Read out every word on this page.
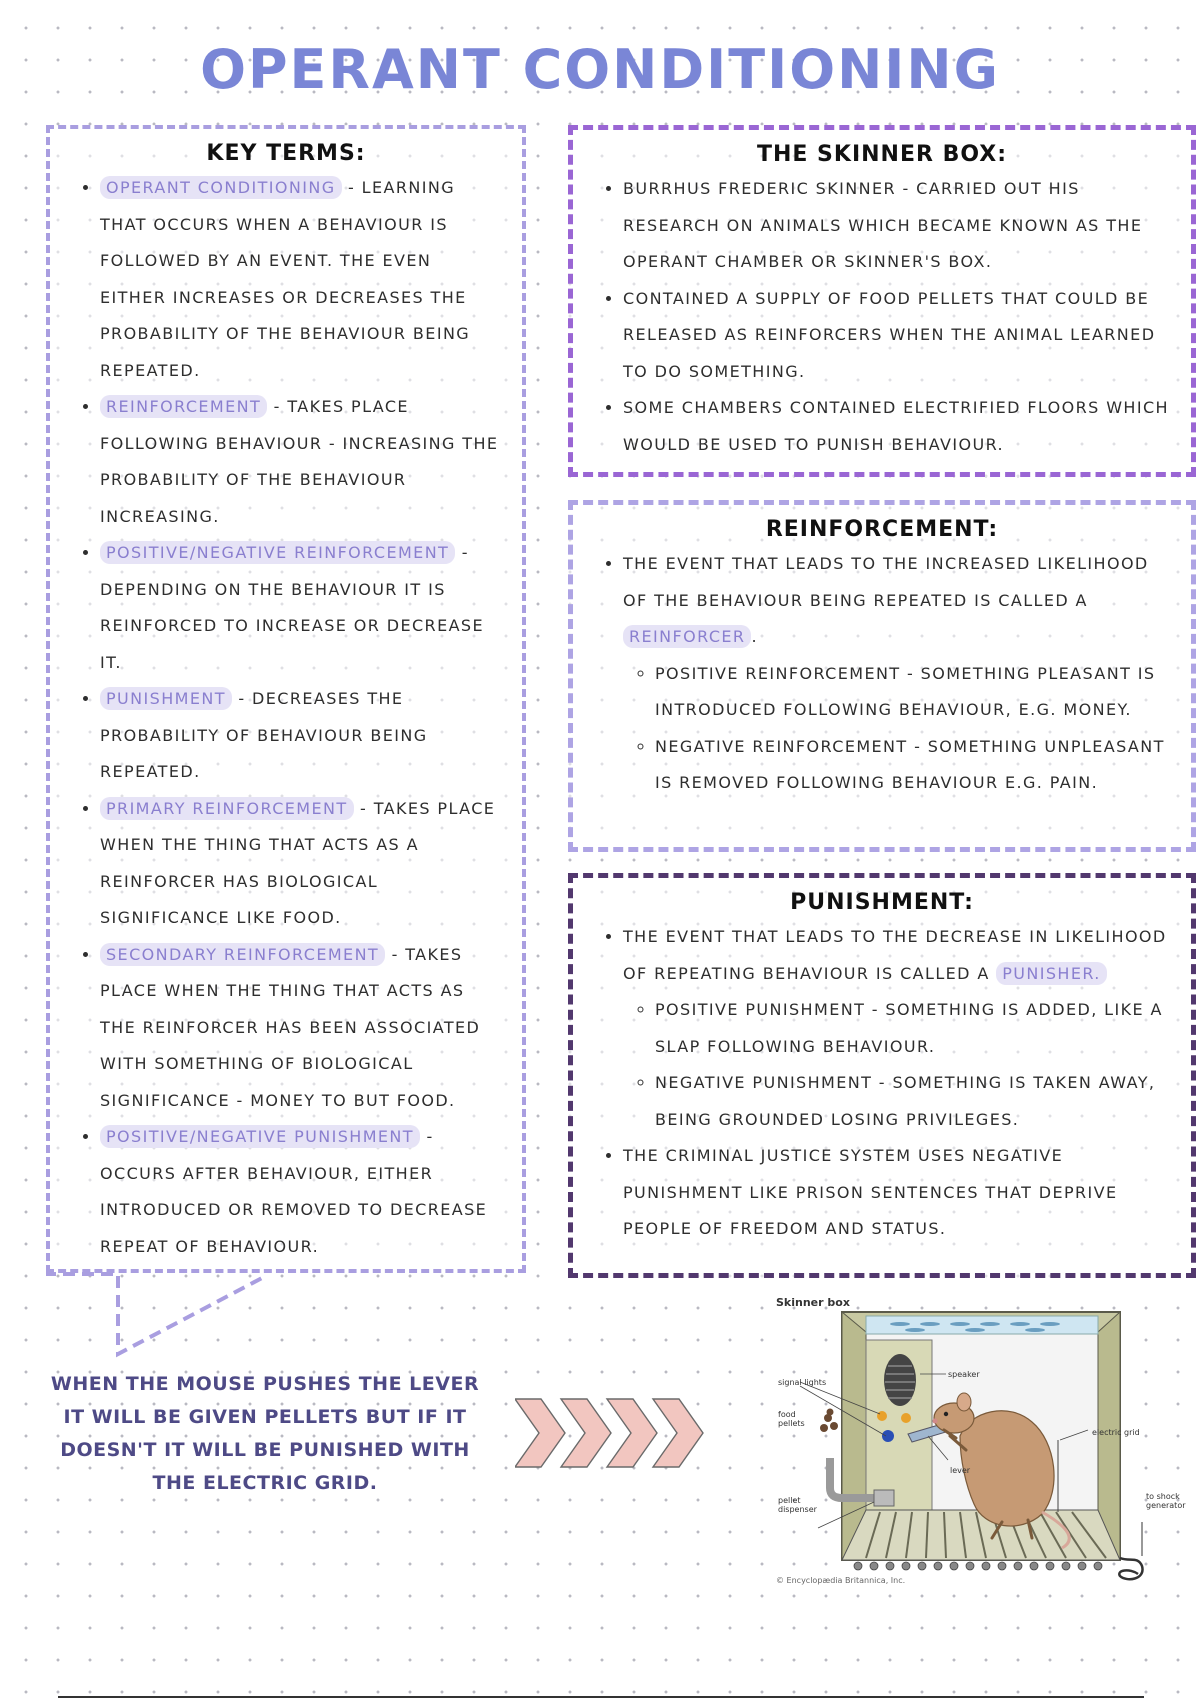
OPERANT CONDITIONING
KEY TERMS:
• OPERANT CONDITIONING - LEARNING THAT OCCURS WHEN A BEHAVIOUR IS FOLLOWED BY AN EVENT. THE EVEN EITHER INCREASES OR DECREASES THE PROBABILITY OF THE BEHAVIOUR BEING REPEATED.
• REINFORCEMENT - TAKES PLACE FOLLOWING BEHAVIOUR - INCREASING THE PROBABILITY OF THE BEHAVIOUR INCREASING.
• POSITIVE/NEGATIVE REINFORCEMENT - DEPENDING ON THE BEHAVIOUR IT IS REINFORCED TO INCREASE OR DECREASE IT.
• PUNISHMENT - DECREASES THE PROBABILITY OF BEHAVIOUR BEING REPEATED.
• PRIMARY REINFORCEMENT - TAKES PLACE WHEN THE THING THAT ACTS AS A REINFORCER HAS BIOLOGICAL SIGNIFICANCE LIKE FOOD.
• SECONDARY REINFORCEMENT - TAKES PLACE WHEN THE THING THAT ACTS AS THE REINFORCER HAS BEEN ASSOCIATED WITH SOMETHING OF BIOLOGICAL SIGNIFICANCE - MONEY TO BUT FOOD.
• POSITIVE/NEGATIVE PUNISHMENT - OCCURS AFTER BEHAVIOUR, EITHER INTRODUCED OR REMOVED TO DECREASE REPEAT OF BEHAVIOUR.
THE SKINNER BOX:
• BURRHUS FREDERIC SKINNER - CARRIED OUT HIS RESEARCH ON ANIMALS WHICH BECAME KNOWN AS THE OPERANT CHAMBER OR SKINNER'S BOX.
• CONTAINED A SUPPLY OF FOOD PELLETS THAT COULD BE RELEASED AS REINFORCERS WHEN THE ANIMAL LEARNED TO DO SOMETHING.
• SOME CHAMBERS CONTAINED ELECTRIFIED FLOORS WHICH WOULD BE USED TO PUNISH BEHAVIOUR.
REINFORCEMENT:
• THE EVENT THAT LEADS TO THE INCREASED LIKELIHOOD OF THE BEHAVIOUR BEING REPEATED IS CALLED A REINFORCER .
◦ POSITIVE REINFORCEMENT - SOMETHING PLEASANT IS INTRODUCED FOLLOWING BEHAVIOUR, E.G. MONEY.
◦ NEGATIVE REINFORCEMENT - SOMETHING UNPLEASANT IS REMOVED FOLLOWING BEHAVIOUR E.G. PAIN.
PUNISHMENT:
• THE EVENT THAT LEADS TO THE DECREASE IN LIKELIHOOD OF REPEATING BEHAVIOUR IS CALLED A PUNISHER.
◦ POSITIVE PUNISHMENT - SOMETHING IS ADDED, LIKE A SLAP FOLLOWING BEHAVIOUR.
◦ NEGATIVE PUNISHMENT - SOMETHING IS TAKEN AWAY, BEING GROUNDED LOSING PRIVILEGES.
• THE CRIMINAL JUSTICE SYSTEM USES NEGATIVE PUNISHMENT LIKE PRISON SENTENCES THAT DEPRIVE PEOPLE OF FREEDOM AND STATUS.
WHEN THE MOUSE PUSHES THE LEVER IT WILL BE GIVEN PELLETS BUT IF IT DOESN'T IT WILL BE PUNISHED WITH THE ELECTRIC GRID.
Skinner box
signal lights
speaker
food pellets
electric grid
lever
pellet dispenser
to shock generator
© Encyclopædia Britannica, Inc.
